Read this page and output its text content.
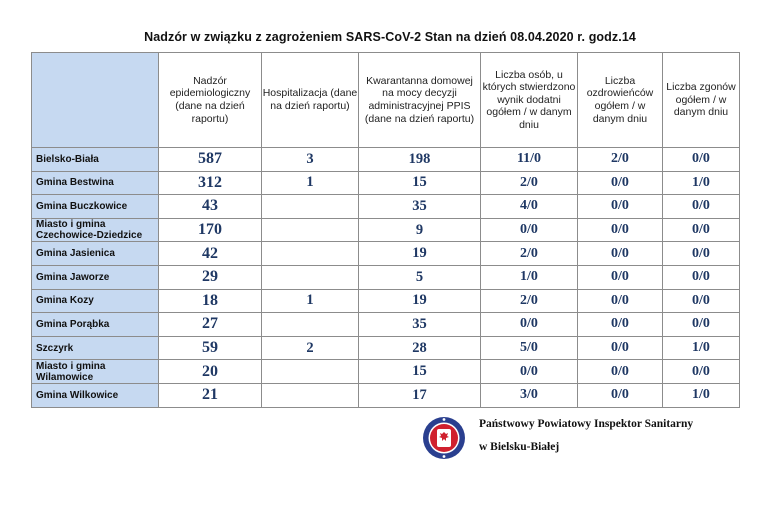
Nadzór w związku z zagrożeniem SARS-CoV-2 Stan na dzień 08.04.2020 r. godz.14
	Nadzór epidemiologiczny (dane na dzień raportu)	Hospitalizacja (dane na dzień raportu)	Kwarantanna domowej na mocy decyzji administracyjnej PPIS (dane na dzień raportu)	Liczba osób, u których stwierdzono wynik dodatni ogółem / w danym dniu	Liczba ozdrowieńców ogółem / w danym dniu	Liczba zgonów ogółem / w danym dniu
Bielsko-Biała	587	3	198	11/0	2/0	0/0
Gmina Bestwina	312	1	15	2/0	0/0	1/0
Gmina Buczkowice	43		35	4/0	0/0	0/0
Miasto i gmina Czechowice-Dziedzice	170		9	0/0	0/0	0/0
Gmina Jasienica	42		19	2/0	0/0	0/0
Gmina Jaworze	29		5	1/0	0/0	0/0
Gmina Kozy	18	1	19	2/0	0/0	0/0
Gmina Porąbka	27		35	0/0	0/0	0/0
Szczyrk	59	2	28	5/0	0/0	1/0
Miasto i gmina Wilamowice	20		15	0/0	0/0	0/0
Gmina Wilkowice	21		17	3/0	0/0	1/0
Państwowy Powiatowy Inspektor Sanitarny
w Bielsku-Białej
